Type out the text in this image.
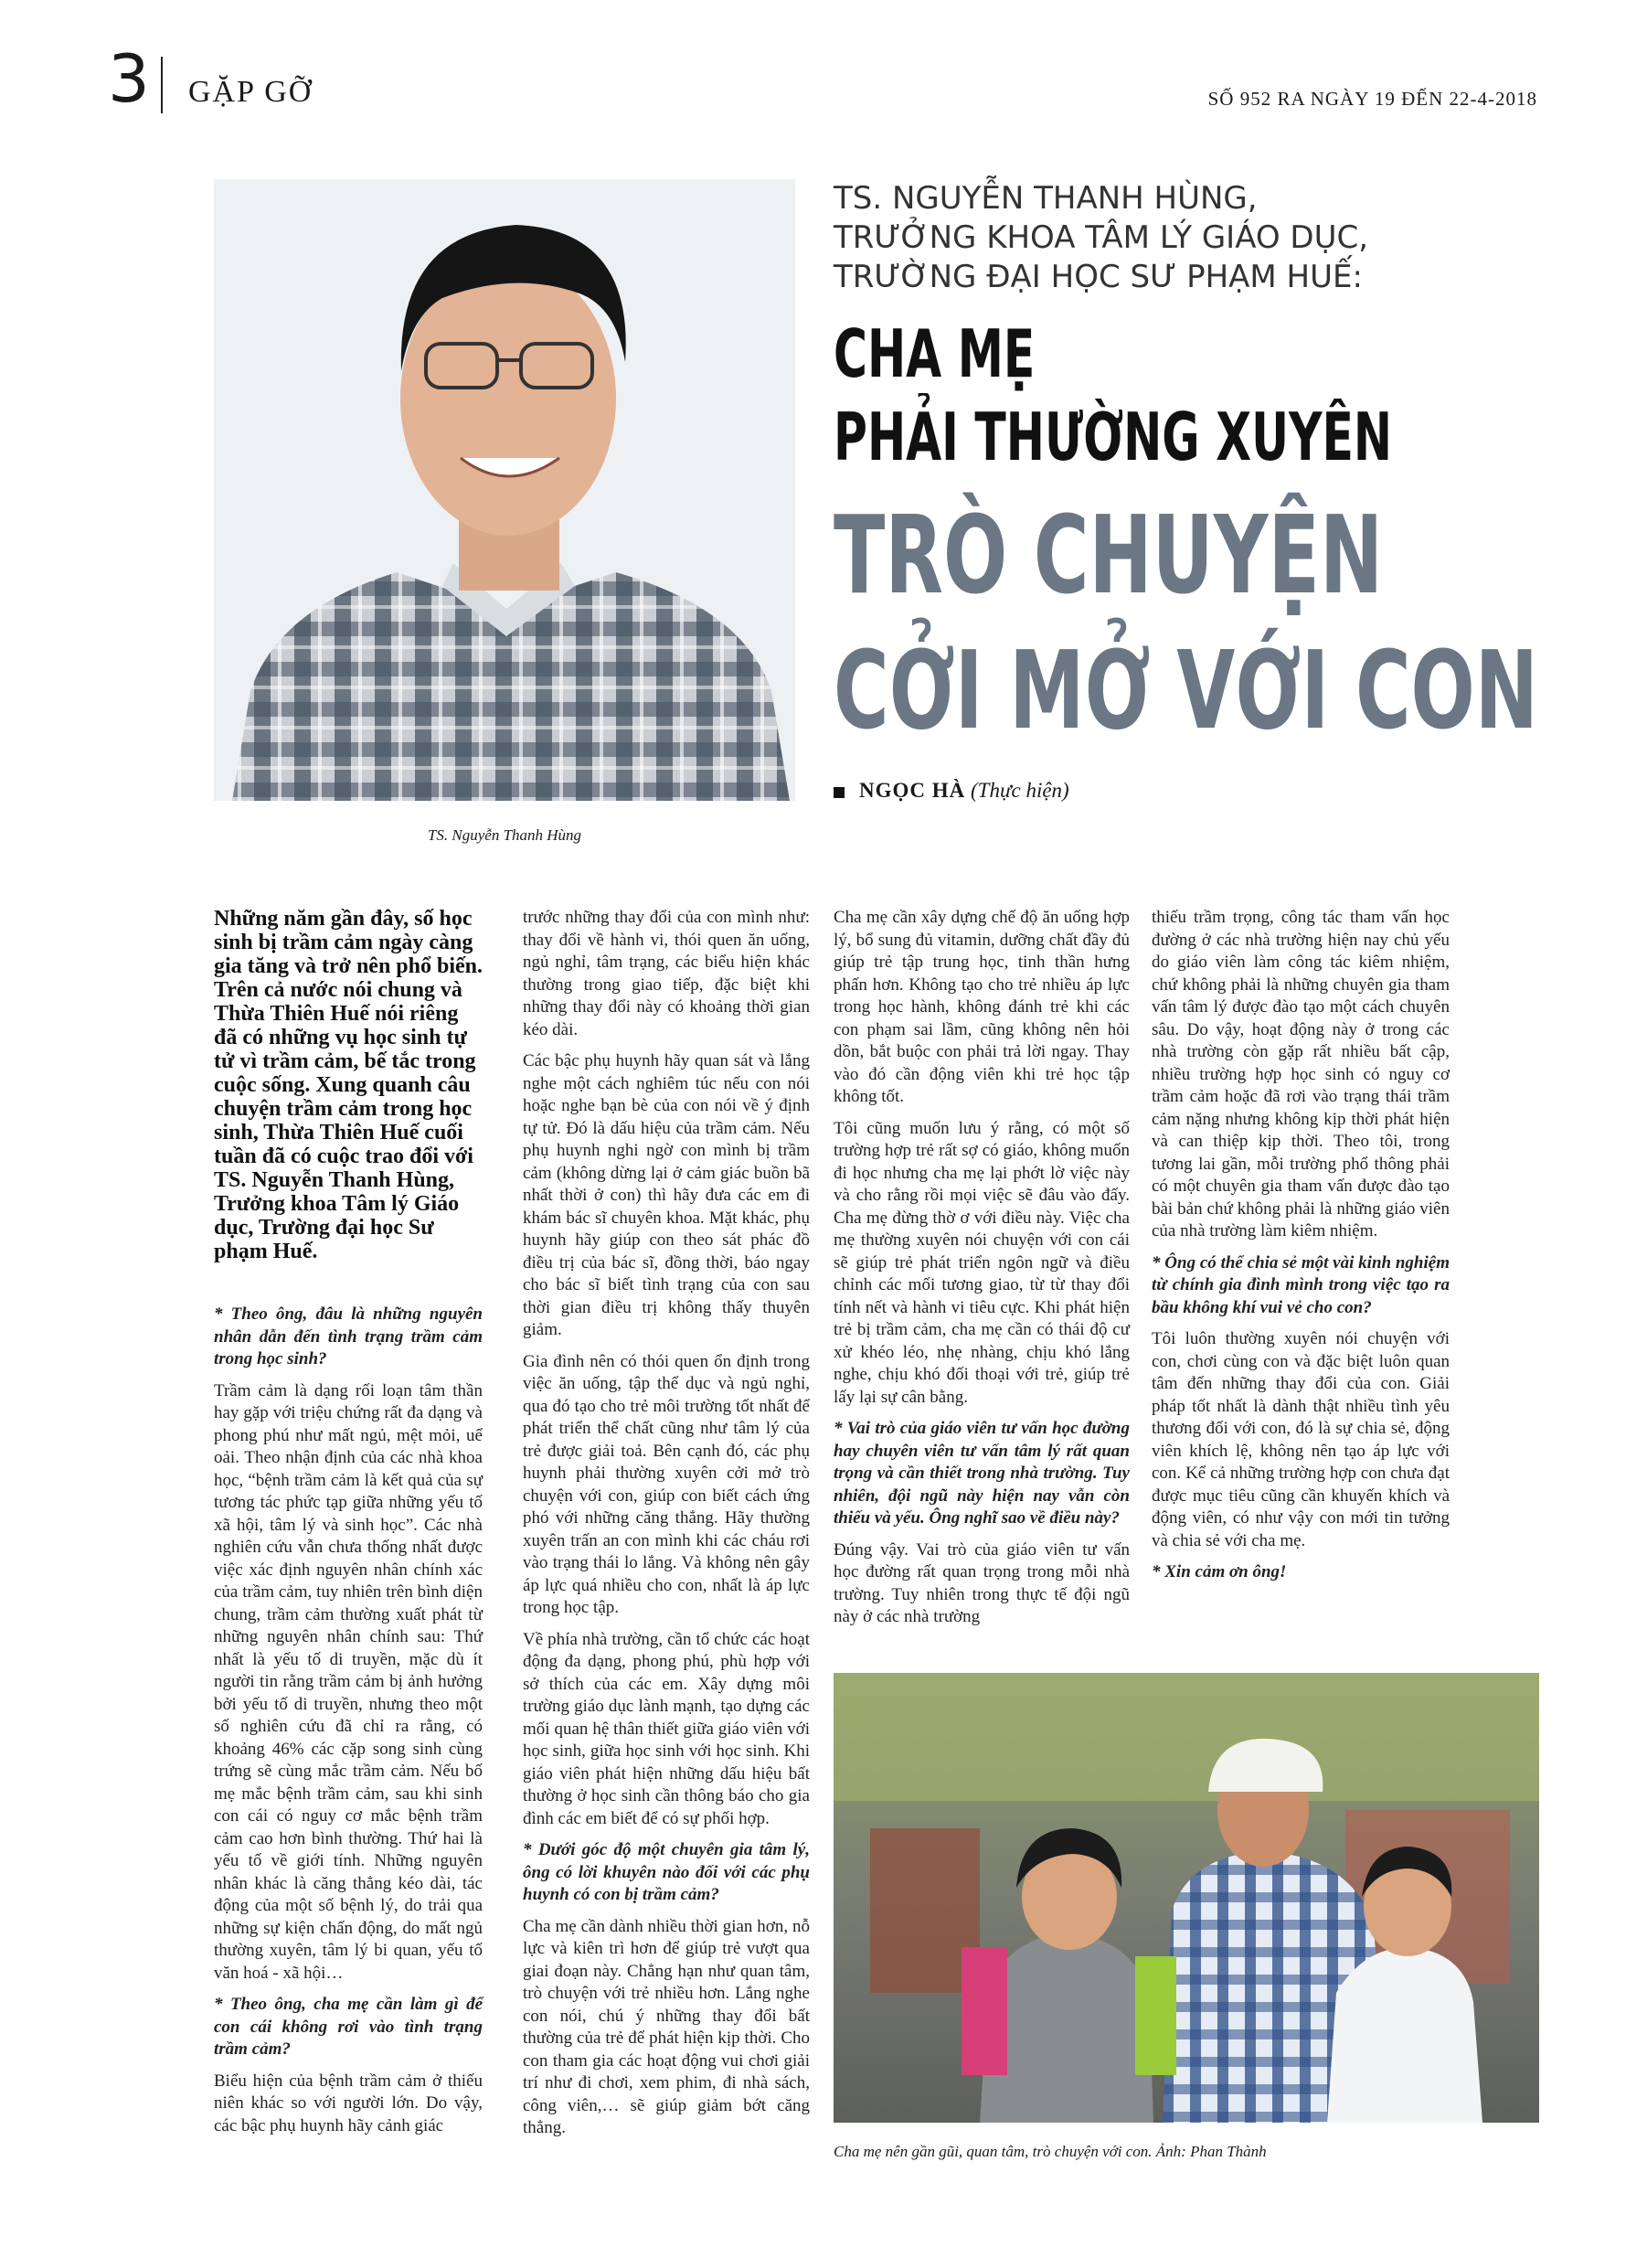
3 GẶP GỠ	SỐ 952 RA NGÀY 19 ĐẾN 22-4-2018
TS. Nguyễn Thanh Hùng
TS. NGUYỄN THANH HÙNG,
TRƯỞNG KHOA TÂM LÝ GIÁO DỤC,
TRƯỜNG ĐẠI HỌC SƯ PHẠM HUẾ:
CHA MẸ
PHẢI THƯỜNG XUYÊN
TRÒ CHUYỆN
CỞI MỞ VỚI CON
NGỌC HÀ (Thực hiện)

Những năm gần đây, số học sinh bị trầm cảm ngày càng gia tăng và trở nên phổ biến. Trên cả nước nói chung và Thừa Thiên Huế nói riêng đã có những vụ học sinh tự tử vì trầm cảm, bế tắc trong cuộc sống. Xung quanh câu chuyện trầm cảm trong học sinh, Thừa Thiên Huế cuối tuần đã có cuộc trao đổi với TS. Nguyễn Thanh Hùng, Trưởng khoa Tâm lý Giáo dục, Trường đại học Sư phạm Huế.

* Theo ông, đâu là những nguyên nhân dẫn đến tình trạng trầm cảm trong học sinh?

Trầm cảm là dạng rối loạn tâm thần hay gặp với triệu chứng rất đa dạng và phong phú như mất ngủ, mệt mỏi, uể oải. Theo nhận định của các nhà khoa học, “bệnh trầm cảm là kết quả của sự tương tác phức tạp giữa những yếu tố xã hội, tâm lý và sinh học”. Các nhà nghiên cứu vẫn chưa thống nhất được việc xác định nguyên nhân chính xác của trầm cảm, tuy nhiên trên bình diện chung, trầm cảm thường xuất phát từ những nguyên nhân chính sau: Thứ nhất là yếu tố di truyền, mặc dù ít người tin rằng trầm cảm bị ảnh hưởng bởi yếu tố di truyền, nhưng theo một số nghiên cứu đã chỉ ra rằng, có khoảng 46% các cặp song sinh cùng trứng sẽ cùng mắc trầm cảm. Nếu bố mẹ mắc bệnh trầm cảm, sau khi sinh con cái có nguy cơ mắc bệnh trầm cảm cao hơn bình thường. Thứ hai là yếu tố về giới tính. Những nguyên nhân khác là căng thẳng kéo dài, tác động của một số bệnh lý, do trải qua những sự kiện chấn động, do mất ngủ thường xuyên, tâm lý bi quan, yếu tố văn hoá - xã hội…

* Theo ông, cha mẹ cần làm gì để con cái không rơi vào tình trạng trầm cảm?

Biểu hiện của bệnh trầm cảm ở thiếu niên khác so với người lớn. Do vậy, các bậc phụ huynh hãy cảnh giác

trước những thay đổi của con mình như: thay đổi về hành vi, thói quen ăn uống, ngủ nghỉ, tâm trạng, các biểu hiện khác thường trong giao tiếp, đặc biệt khi những thay đổi này có khoảng thời gian kéo dài.

Các bậc phụ huynh hãy quan sát và lắng nghe một cách nghiêm túc nếu con nói hoặc nghe bạn bè của con nói về ý định tự tử. Đó là dấu hiệu của trầm cảm. Nếu phụ huynh nghi ngờ con mình bị trầm cảm (không dừng lại ở cảm giác buồn bã nhất thời ở con) thì hãy đưa các em đi khám bác sĩ chuyên khoa. Mặt khác, phụ huynh hãy giúp con theo sát phác đồ điều trị của bác sĩ, đồng thời, báo ngay cho bác sĩ biết tình trạng của con sau thời gian điều trị không thấy thuyên giảm.

Gia đình nên có thói quen ổn định trong việc ăn uống, tập thể dục và ngủ nghỉ, qua đó tạo cho trẻ môi trường tốt nhất để phát triển thể chất cũng như tâm lý của trẻ được giải toả. Bên cạnh đó, các phụ huynh phải thường xuyên cởi mở trò chuyện với con, giúp con biết cách ứng phó với những căng thẳng. Hãy thường xuyên trấn an con mình khi các cháu rơi vào trạng thái lo lắng. Và không nên gây áp lực quá nhiều cho con, nhất là áp lực trong học tập.

Về phía nhà trường, cần tổ chức các hoạt động đa dạng, phong phú, phù hợp với sở thích của các em. Xây dựng môi trường giáo dục lành mạnh, tạo dựng các mối quan hệ thân thiết giữa giáo viên với học sinh, giữa học sinh với học sinh. Khi giáo viên phát hiện những dấu hiệu bất thường ở học sinh cần thông báo cho gia đình các em biết để có sự phối hợp.

* Dưới góc độ một chuyên gia tâm lý, ông có lời khuyên nào đối với các phụ huynh có con bị trầm cảm?

Cha mẹ cần dành nhiều thời gian hơn, nỗ lực và kiên trì hơn để giúp trẻ vượt qua giai đoạn này. Chẳng hạn như quan tâm, trò chuyện với trẻ nhiều hơn. Lắng nghe con nói, chú ý những thay đổi bất thường của trẻ để phát hiện kịp thời. Cho con tham gia các hoạt động vui chơi giải trí như đi chơi, xem phim, đi nhà sách, công viên,… sẽ giúp giảm bớt căng thẳng.

Cha mẹ cần xây dựng chế độ ăn uống hợp lý, bổ sung đủ vitamin, dưỡng chất đầy đủ giúp trẻ tập trung học, tinh thần hưng phấn hơn. Không tạo cho trẻ nhiều áp lực trong học hành, không đánh trẻ khi các con phạm sai lầm, cũng không nên hỏi dồn, bắt buộc con phải trả lời ngay. Thay vào đó cần động viên khi trẻ học tập không tốt.

Tôi cũng muốn lưu ý rằng, có một số trường hợp trẻ rất sợ có giáo, không muốn đi học nhưng cha mẹ lại phớt lờ việc này và cho rằng rồi mọi việc sẽ đâu vào đấy. Cha mẹ đừng thờ ơ với điều này. Việc cha mẹ thường xuyên nói chuyện với con cái sẽ giúp trẻ phát triển ngôn ngữ và điều chỉnh các mối tương giao, từ từ thay đổi tính nết và hành vi tiêu cực. Khi phát hiện trẻ bị trầm cảm, cha mẹ cần có thái độ cư xử khéo léo, nhẹ nhàng, chịu khó lắng nghe, chịu khó đối thoại với trẻ, giúp trẻ lấy lại sự cân bằng.

* Vai trò của giáo viên tư vấn học đường hay chuyên viên tư vấn tâm lý rất quan trọng và cần thiết trong nhà trường. Tuy nhiên, đội ngũ này hiện nay vẫn còn thiếu và yếu. Ông nghĩ sao về điều này?

Đúng vậy. Vai trò của giáo viên tư vấn học đường rất quan trọng trong mỗi nhà trường. Tuy nhiên trong thực tế đội ngũ này ở các nhà trường

thiếu trầm trọng, công tác tham vấn học đường ở các nhà trường hiện nay chủ yếu do giáo viên làm công tác kiêm nhiệm, chứ không phải là những chuyên gia tham vấn tâm lý được đào tạo một cách chuyên sâu. Do vậy, hoạt động này ở trong các nhà trường còn gặp rất nhiều bất cập, nhiều trường hợp học sinh có nguy cơ trầm cảm hoặc đã rơi vào trạng thái trầm cảm nặng nhưng không kịp thời phát hiện và can thiệp kịp thời. Theo tôi, trong tương lai gần, mỗi trường phổ thông phải có một chuyên gia tham vấn được đào tạo bài bản chứ không phải là những giáo viên của nhà trường làm kiêm nhiệm.

* Ông có thể chia sẻ một vài kinh nghiệm từ chính gia đình mình trong việc tạo ra bầu không khí vui vẻ cho con?

Tôi luôn thường xuyên nói chuyện với con, chơi cùng con và đặc biệt luôn quan tâm đến những thay đổi của con. Giải pháp tốt nhất là dành thật nhiều tình yêu thương đối với con, đó là sự chia sẻ, động viên khích lệ, không nên tạo áp lực với con. Kể cả những trường hợp con chưa đạt được mục tiêu cũng cần khuyến khích và động viên, có như vậy con mới tin tưởng và chia sẻ với cha mẹ.

* Xin cảm ơn ông!

Cha mẹ nên gần gũi, quan tâm, trò chuyện với con. Ảnh: Phan Thành
